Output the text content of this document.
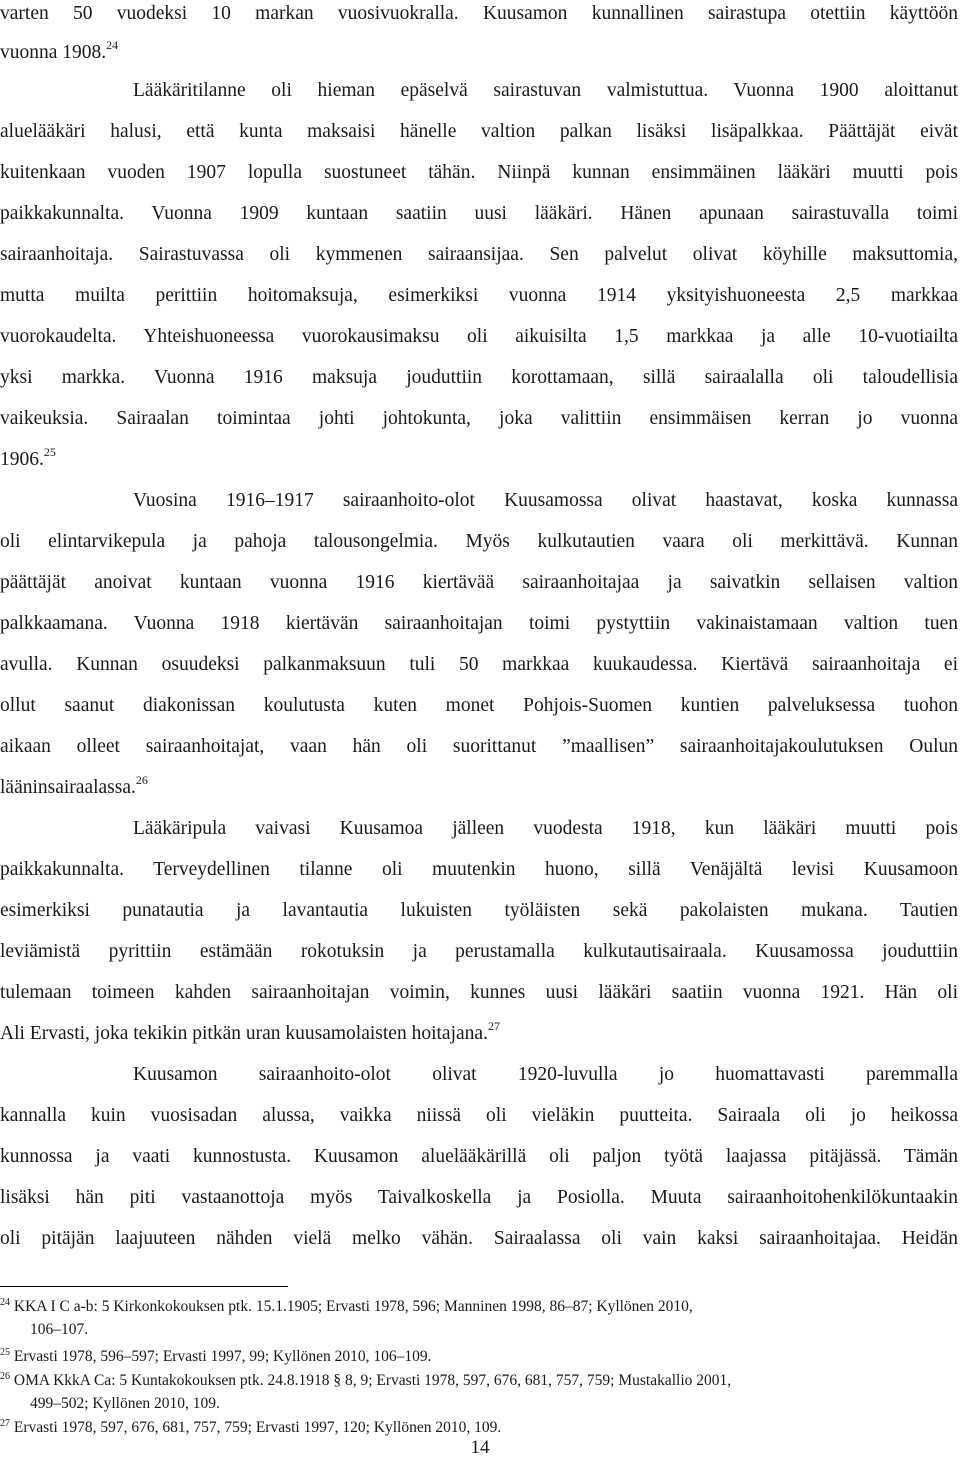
varten 50 vuodeksi 10 markan vuosivuokralla. Kuusamon kunnallinen sairastupa otettiin käyttöön
vuonna 1908.24
Lääkäritilanne oli hieman epäselvä sairastuvan valmistuttua. Vuonna 1900 aloittanut
aluelääkäri halusi, että kunta maksaisi hänelle valtion palkan lisäksi lisäpalkkaa. Päättäjät eivät
kuitenkaan vuoden 1907 lopulla suostuneet tähän. Niinpä kunnan ensimmäinen lääkäri muutti pois
paikkakunnalta. Vuonna 1909 kuntaan saatiin uusi lääkäri. Hänen apunaan sairastuvalla toimi
sairaanhoitaja. Sairastuvassa oli kymmenen sairaansijaa. Sen palvelut olivat köyhille maksuttomia,
mutta muilta perittiin hoitomaksuja, esimerkiksi vuonna 1914 yksityishuoneesta 2,5 markkaa
vuorokaudelta. Yhteishuoneessa vuorokausimaksu oli aikuisilta 1,5 markkaa ja alle 10-vuotiailta
yksi markka. Vuonna 1916 maksuja jouduttiin korottamaan, sillä sairaalalla oli taloudellisia
vaikeuksia. Sairaalan toimintaa johti johtokunta, joka valittiin ensimmäisen kerran jo vuonna
1906.25
Vuosina 1916–1917 sairaanhoito-olot Kuusamossa olivat haastavat, koska kunnassa
oli elintarvikepula ja pahoja talousongelmia. Myös kulkutautien vaara oli merkittävä. Kunnan
päättäjät anoivat kuntaan vuonna 1916 kiertävää sairaanhoitajaa ja saivatkin sellaisen valtion
palkkaamana. Vuonna 1918 kiertävän sairaanhoitajan toimi pystyttiin vakinaistamaan valtion tuen
avulla. Kunnan osuudeksi palkanmaksuun tuli 50 markkaa kuukaudessa. Kiertävä sairaanhoitaja ei
ollut saanut diakonissan koulutusta kuten monet Pohjois-Suomen kuntien palveluksessa tuohon
aikaan olleet sairaanhoitajat, vaan hän oli suorittanut ”maallisen” sairaanhoitajakoulutuksen Oulun
lääninsairaalassa.$^{26}$
Lääkäripula vaivasi Kuusamoa jälleen vuodesta 1918, kun lääkäri muutti pois
paikkakunnalta. Terveydellinen tilanne oli muutenkin huono, sillä Venäjältä levisi Kuusamoon
esimerkiksi punatautia ja lavantautia lukuisten työläisten sekä pakolaisten mukana. Tautien
leviämistä pyrittiin estämään rokotuksin ja perustamalla kulkutautisairaala. Kuusamossa jouduttiin
tulemaan toimeen kahden sairaanhoitajan voimin, kunnes uusi lääkäri saatiin vuonna 1921. Hän oli
Ali Ervasti, joka tekikin pitkän uran kuusamolaisten hoitajana.$^{27}$
Kuusamon sairaanhoito-olot olivat 1920-luvulla jo huomattavasti paremmalla
kannalla kuin vuosisadan alussa, vaikka niissä oli vieläkin puutteita. Sairaala oli jo heikossa
kunnossa ja vaati kunnostusta. Kuusamon aluelääkärillä oli paljon työtä laajassa pitäjässä. Tämän
lisäksi hän piti vastaanottoja myös Taivalkoskella ja Posiolla. Muuta sairaanhoitohenkilökuntaakin
oli pitäjän laajuuteen nähden vielä melko vähän. Sairaalassa oli vain kaksi sairaanhoitajaa. Heidän
$^{24}$ KKA I C a-b: 5 Kirkonkokouksen ptk. 15.1.1905; Ervasti 1978, 596; Manninen 1998, 86–87; Kyllönen 2010,
106–107.
$^{25}$ Ervasti 1978, 596–597; Ervasti 1997, 99; Kyllönen 2010, 106–109.
$^{26}$ OMA KkkA Ca: 5 Kuntakokouksen ptk. 24.8.1918 § 8, 9; Ervasti 1978, 597, 676, 681, 757, 759; Mustakallio 2001,
499–502; Kyllönen 2010, 109.
$^{27}$ Ervasti 1978, 597, 676, 681, 757, 759; Ervasti 1997, 120; Kyllönen 2010, 109.
14
